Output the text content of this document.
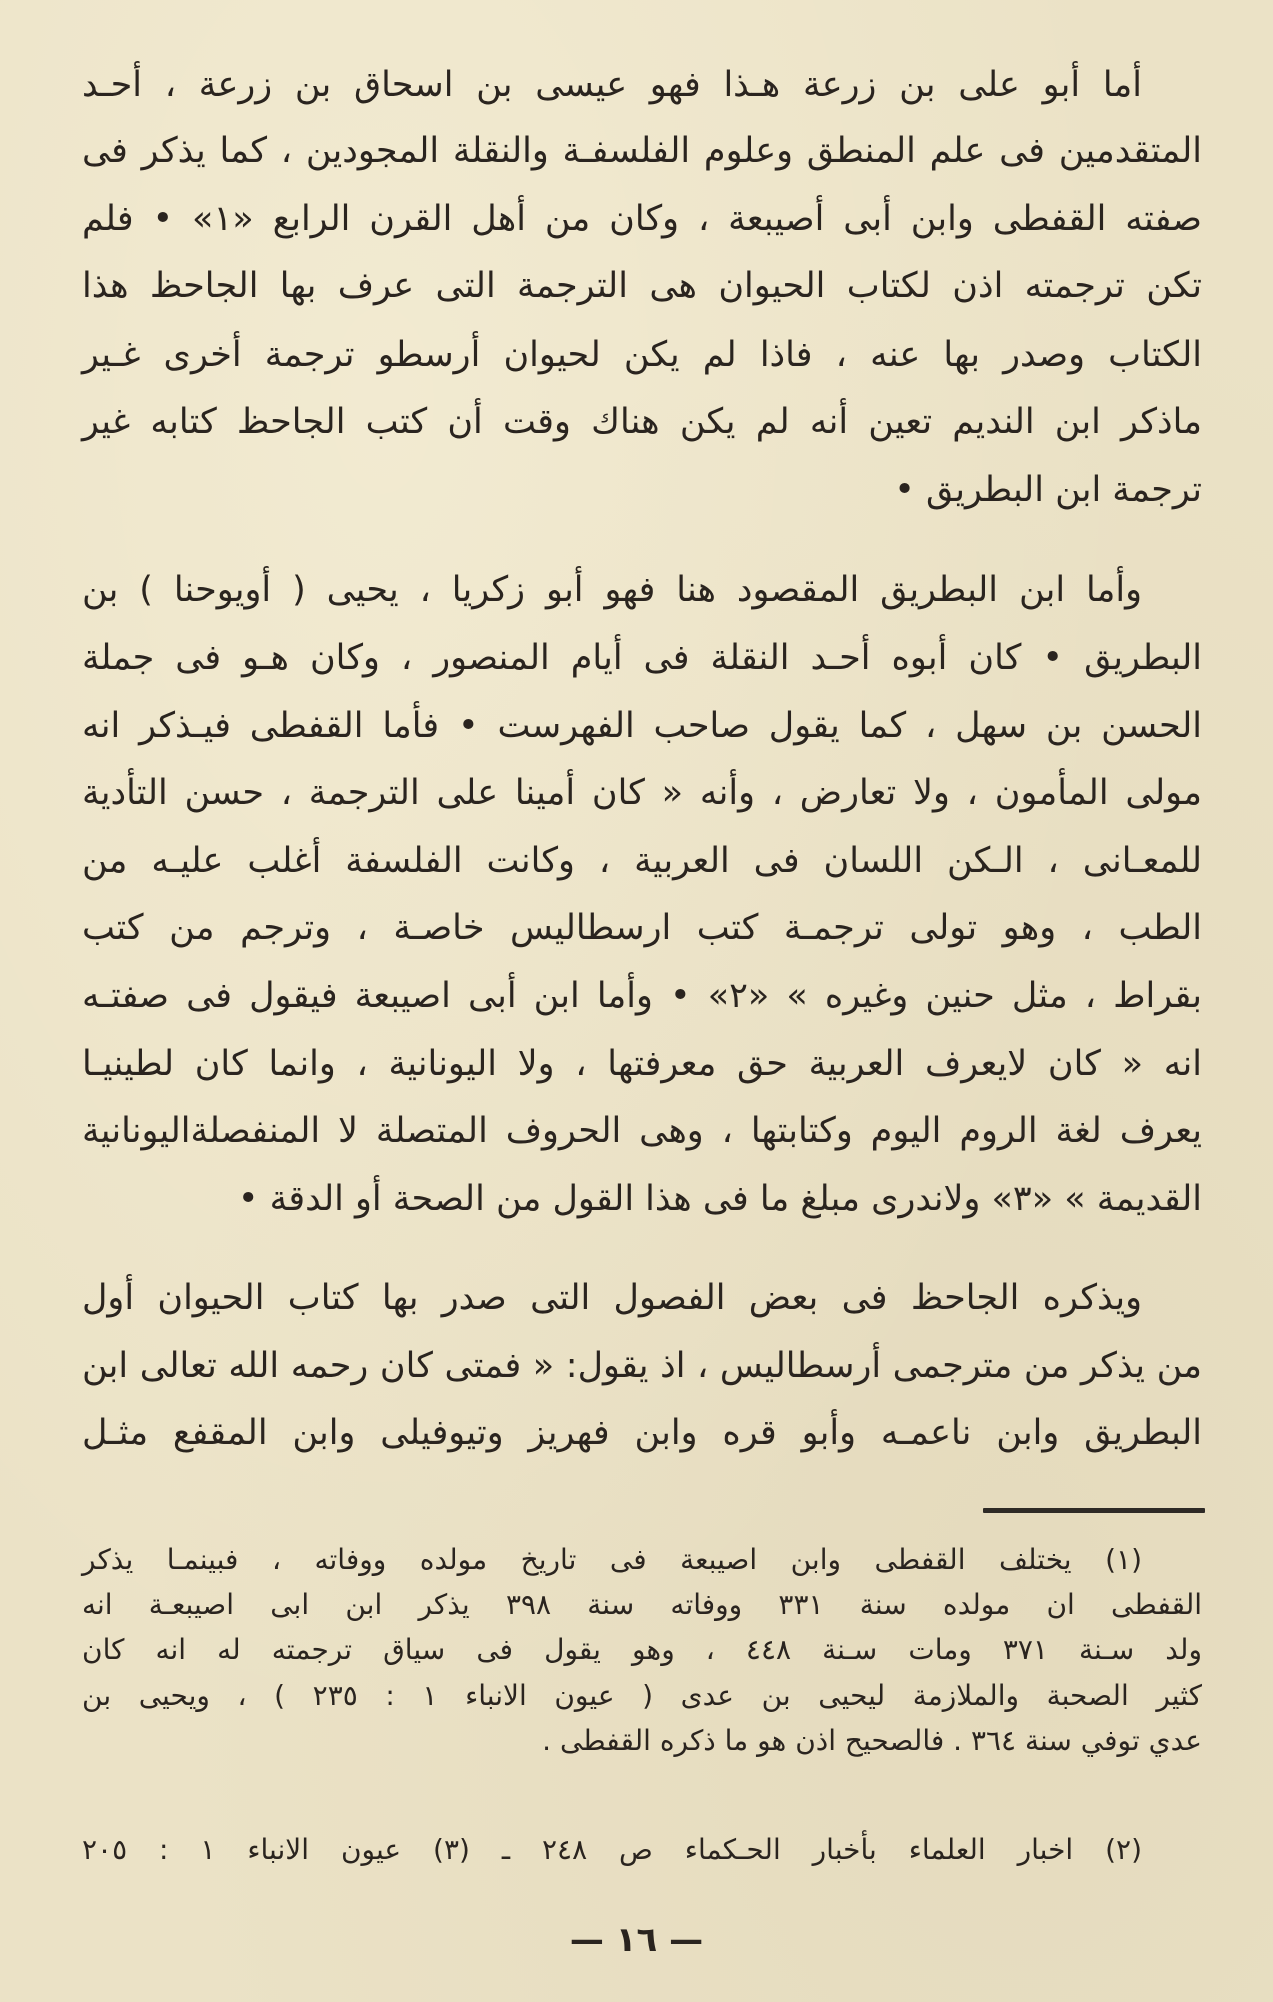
أما أبو على بن زرعة هـذا فهو عيسى بن اسحاق بن زرعة ، أحـد
المتقدمين فى علم المنطق وعلوم الفلسفـة والنقلة المجودين ، كما يذكر فى
صفته القفطى وابن أبى أصيبعة ، وكان من أهل القرن الرابع «١» • فلم
تكن ترجمته اذن لكتاب الحيوان هى الترجمة التى عرف بها الجاحظ هذا
الكتاب وصدر بها عنه ، فاذا لم يكن لحيوان أرسطو ترجمة أخرى غـير
ماذكر ابن النديم تعين أنه لم يكن هناك وقت أن كتب الجاحظ كتابه غير
ترجمة ابن البطريق •
وأما ابن البطريق المقصود هنا فهو أبو زكريا ، يحيى ( أويوحنا ) بن
البطريق • كان أبوه أحـد النقلة فى أيام المنصور ، وكان هـو فى جملة
الحسن بن سهل ، كما يقول صاحب الفهرست • فأما القفطى فيـذكر انه
مولى المأمون ، ولا تعارض ، وأنه « كان أمينا على الترجمة ، حسن التأدية
للمعـانى ، الـكن اللسان فى العربية ، وكانت الفلسفة أغلب عليـه من
الطب ، وهو تولى ترجمـة كتب ارسطاليس خاصـة ، وترجم من كتب
بقراط ، مثل حنين وغيره » «٢» • وأما ابن أبى اصيبعة فيقول فى صفتـه
انه « كان لايعرف العربية حق معرفتها ، ولا اليونانية ، وانما كان لطينيـا
يعرف لغة الروم اليوم وكتابتها ، وهى الحروف المتصلة لا المنفصلةاليونانية
القديمة » «٣» ولاندرى مبلغ ما فى هذا القول من الصحة أو الدقة •
ويذكره الجاحظ فى بعض الفصول التى صدر بها كتاب الحيوان أول
من يذكر من مترجمى أرسطاليس ، اذ يقول: « فمتى كان رحمه الله تعالى ابن
البطريق وابن ناعمـه وأبو قره وابن فهريز وتيوفيلى وابن المقفع مثـل
(١) يختلف القفطى وابن اصيبعة فى تاريخ مولده ووفاته ، فبينمـا يذكر
القفطى ان مولده سنة ٣٣١ ووفاته سنة ٣٩٨ يذكر ابن ابى اصيبعـة انه
ولد سـنة ٣٧١ ومات سـنة ٤٤٨ ، وهو يقول فى سياق ترجمته له انه كان
كثير الصحبة والملازمة ليحيى بن عدى ( عيون الانباء ١ : ٢٣٥ ) ، ويحيى بن
عدي توفي سنة ٣٦٤ . فالصحيح اذن هو ما ذكره القفطى .
(٢) اخبار العلماء بأخبار الحـكماء ص ٢٤٨ ـ (٣) عيون الانباء ١ : ٢٠٥
— ١٦ —
